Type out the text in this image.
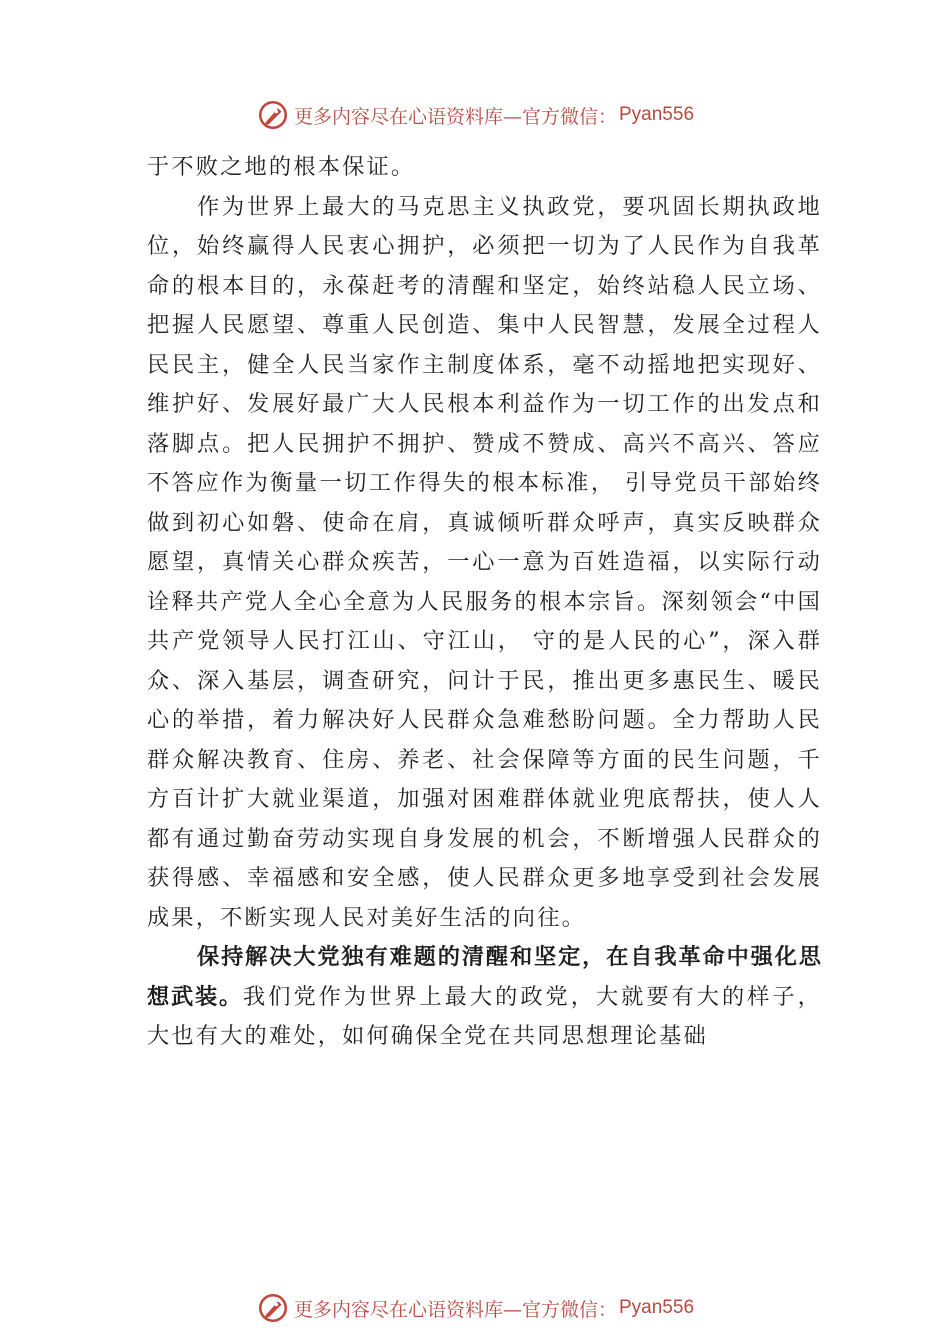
更多内容尽在心语资料库—官方微信： Pyan556

于不败之地的根本保证。

作为世界上最大的马克思主义执政党，要巩固长期执政地位，始终赢得人民衷心拥护，必须把一切为了人民作为自我革命的根本目的，永葆赶考的清醒和坚定，始终站稳人民立场、把握人民愿望、尊重人民创造、集中人民智慧，发展全过程人民民主，健全人民当家作主制度体系，毫不动摇地把实现好、维护好、发展好最广大人民根本利益作为一切工作的出发点和落脚点。把人民拥护不拥护、赞成不赞成、高兴不高兴、答应不答应作为衡量一切工作得失的根本标准， 引导党员干部始终做到初心如磐、使命在肩，真诚倾听群众呼声，真实反映群众愿望，真情关心群众疾苦，一心一意为百姓造福，以实际行动诠释共产党人全心全意为人民服务的根本宗旨。深刻领会“中国共产党领导人民打江山、守江山， 守的是人民的心”，深入群众、深入基层，调查研究，问计于民，推出更多惠民生、暖民心的举措，着力解决好人民群众急难愁盼问题。全力帮助人民群众解决教育、住房、养老、社会保障等方面的民生问题，千方百计扩大就业渠道，加强对困难群体就业兜底帮扶，使人人都有通过勤奋劳动实现自身发展的机会，不断增强人民群众的获得感、幸福感和安全感，使人民群众更多地享受到社会发展成果，不断实现人民对美好生活的向往。

保持解决大党独有难题的清醒和坚定，在自我革命中强化思想武装。我们党作为世界上最大的政党，大就要有大的样子，大也有大的难处，如何确保全党在共同思想理论基础

更多内容尽在心语资料库—官方微信： Pyan556
